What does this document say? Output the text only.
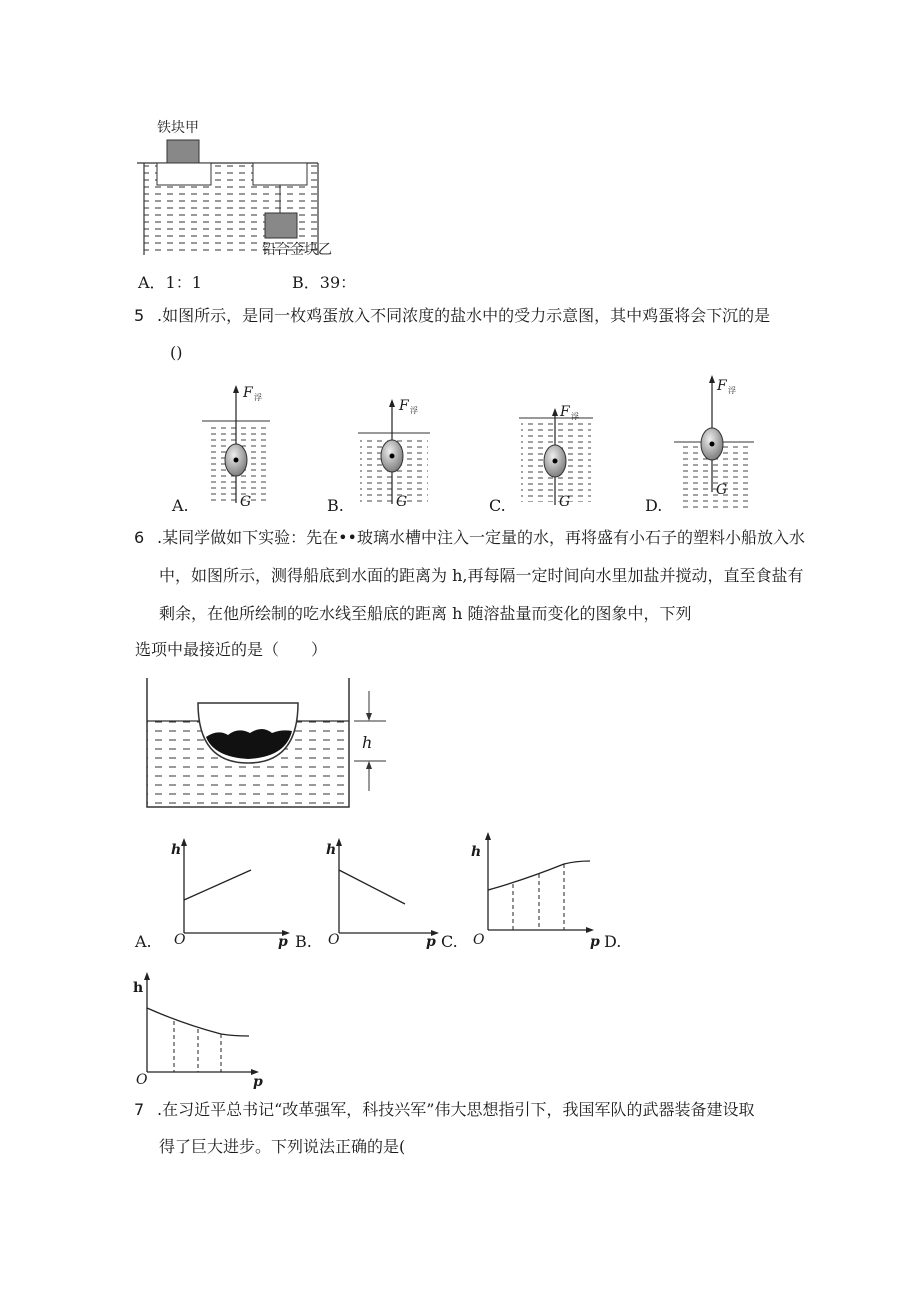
铁块甲
铅合金块乙
A．1：1	B．39：
5 .如图所示，是同一枚鸡蛋放入不同浓度的盐水中的受力示意图，其中鸡蛋将会下沉的是
()
F 浮
G
F 浮
G
F 浮
G
F 浮
G
A.	B.	C.	D.
6 .某同学做如下实验：先在••玻璃水槽中注入一定量的水，再将盛有小石子的塑料小船放入水
中，如图所示，测得船底到水面的距离为 h,再每隔一定时间向水里加盐并搅动，直至食盐有
剩余，在他所绘制的吃水线至船底的距离 h 随溶盐量而变化的图象中，下列
选项中最接近的是（　　）
h
h
O	p
A.
h
O	p
B.
h
O	p
C.	D.
h
O	p
7 .在习近平总书记“改革强军，科技兴军”伟大思想指引下，我国军队的武器装备建设取
得了巨大进步。下列说法正确的是(
